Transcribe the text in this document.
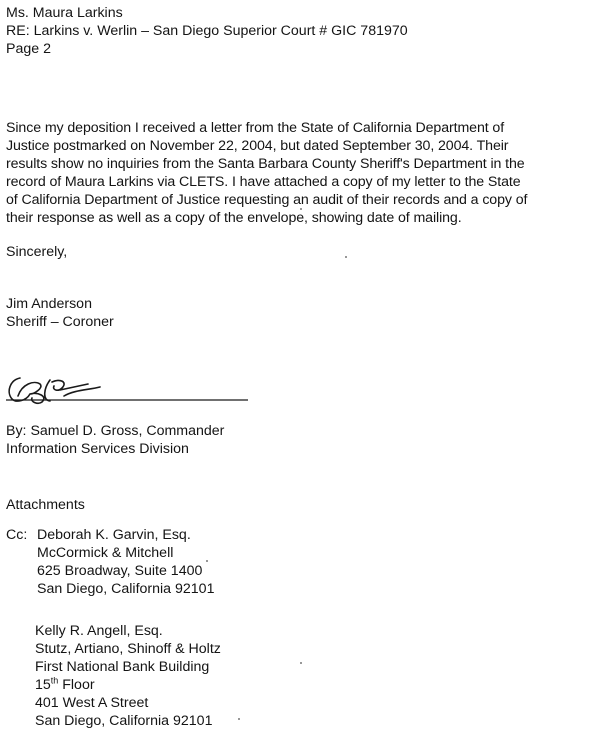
Ms. Maura Larkins
RE: Larkins v. Werlin – San Diego Superior Court # GIC 781970
Page 2
Since my deposition I received a letter from the State of California Department of
Justice postmarked on November 22, 2004, but dated September 30, 2004. Their
results show no inquiries from the Santa Barbara County Sheriff's Department in the
record of Maura Larkins via CLETS. I have attached a copy of my letter to the State
of California Department of Justice requesting an audit of their records and a copy of
their response as well as a copy of the envelope, showing date of mailing.
Sincerely,
Jim Anderson
Sheriff – Coroner
By: Samuel D. Gross, Commander
Information Services Division
Attachments
Cc: Deborah K. Garvin, Esq.
McCormick & Mitchell
625 Broadway, Suite 1400
San Diego, California 92101
Kelly R. Angell, Esq.
Stutz, Artiano, Shinoff & Holtz
First National Bank Building
15th Floor
401 West A Street
San Diego, California 92101
